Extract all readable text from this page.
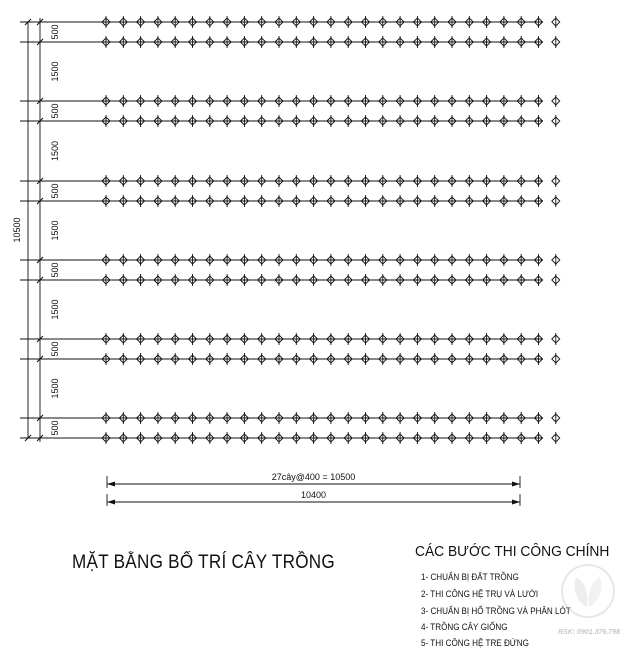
500
1500
500
1500
500
1500
500
1500
500
1500
500
10500
27cây@400 = 10500
10400
MẶT BẰNG BỐ TRÍ CÂY TRỒNG
CÁC BƯỚC THI CÔNG CHÍNH
1- CHUẨN BỊ ĐẤT TRỒNG
2- THI CÔNG HỆ TRỤ VÀ LƯỚI
3- CHUẨN BỊ HỐ TRỒNG VÀ PHÂN LÓT
4- TRỒNG CÂY GIỐNG
5- THI CÔNG HỆ TRE ĐỨNG
RSK: 0901.376.798
